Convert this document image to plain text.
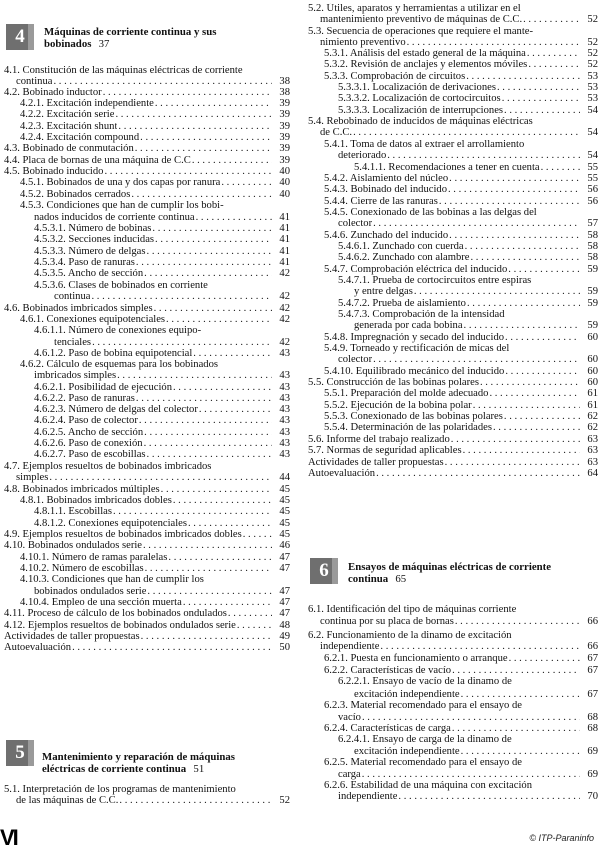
4	Máquinas de corriente continua y sus
bobinados 37
4.1. Constitución de las máquinas eléctricas de corriente
continua . . .	38
4.2. Bobinado inductor . . .	38
4.2.1. Excitación independiente . . .	39
4.2.2. Excitación serie . . .	39
4.2.3. Excitación shunt . . .	39
4.2.4. Excitación compound . . .	39
4.3. Bobinado de conmutación . . .	39
4.4. Placa de bornas de una máquina de C.C . . .	39
4.5. Bobinado inducido . . .	40
4.5.1. Bobinados de una y dos capas por ranura . . .	40
4.5.2. Bobinados cerrados . . .	40
4.5.3. Condiciones que han de cumplir los bobi-
nados inducidos de corriente continua . . .	41
4.5.3.1. Número de bobinas . . .	41
4.5.3.2. Secciones inducidas . . .	41
4.5.3.3. Número de delgas . . .	41
4.5.3.4. Paso de ranuras . . .	41
4.5.3.5. Ancho de sección . . .	42
4.5.3.6. Clases de bobinados en corriente
continua . . .	42
4.6. Bobinados imbricados simples . . .	42
4.6.1. Conexiones equipotenciales . . .	42
4.6.1.1. Número de conexiones equipo-
tenciales . . .	42
4.6.1.2. Paso de bobina equipotencial . . .	43
4.6.2. Cálculo de esquemas para los bobinados
imbricados simples . . .	43
4.6.2.1. Posibilidad de ejecución . . .	43
4.6.2.2. Paso de ranuras . . .	43
4.6.2.3. Número de delgas del colector . . .	43
4.6.2.4. Paso de colector . . .	43
4.6.2.5. Ancho de sección . . .	43
4.6.2.6. Paso de conexión . . .	43
4.6.2.7. Paso de escobillas . . .	43
4.7. Ejemplos resueltos de bobinados imbricados
simples . . .	44
4.8. Bobinados imbricados múltiples . . .	45
4.8.1. Bobinados imbricados dobles . . .	45
4.8.1.1. Escobillas . . .	45
4.8.1.2. Conexiones equipotenciales . . .	45
4.9. Ejemplos resueltos de bobinados imbricados dobles . . .	45
4.10. Bobinados ondulados serie . . .	46
4.10.1. Número de ramas paralelas . . .	47
4.10.2. Número de escobillas . . .	47
4.10.3. Condiciones que han de cumplir los
bobinados ondulados serie . . .	47
4.10.4. Empleo de una sección muerta . . .	47
4.11. Proceso de cálculo de los bobinados ondulados . . .	47
4.12. Ejemplos resueltos de bobinados ondulados serie . . .	48
Actividades de taller propuestas . . .	49
Autoevaluación . . .	50
5.1. Interpretación de los programas de mantenimiento
de las máquinas de C.C. . . .	52
5	Mantenimiento y reparación de máquinas
eléctricas de corriente continua 51
5.2. Útiles, aparatos y herramientas a utilizar en el
mantenimiento preventivo de máquinas de C.C. . . .	52
5.3. Secuencia de operaciones que requiere el mante-
nimiento preventivo . . .	52
5.3.1. Análisis del estado general de la máquina . . .	52
5.3.2. Revisión de anclajes y elementos móviles . . .	52
5.3.3. Comprobación de circuitos . . .	53
5.3.3.1. Localización de derivaciones . . .	53
5.3.3.2. Localización de cortocircuitos . . .	53
5.3.3.3. Localización de interrupciones . . .	54
5.4. Rebobinado de inducidos de máquinas eléctricas
de C.C. . . .	54
5.4.1. Toma de datos al extraer el arrollamiento
deteriorado . . .	54
5.4.1.1. Recomendaciones a tener en cuenta . . .	55
5.4.2. Aislamiento del núcleo . . .	55
5.4.3. Bobinado del inducido . . .	56
5.4.4. Cierre de las ranuras . . .	56
5.4.5. Conexionado de las bobinas a las delgas del
colector . . .	57
5.4.6. Zunchado del inducido . . .	58
5.4.6.1. Zunchado con cuerda . . .	58
5.4.6.2. Zunchado con alambre . . .	58
5.4.7. Comprobación eléctrica del inducido . . .	59
5.4.7.1. Prueba de cortocircuitos entre espiras
y entre delgas . . .	59
5.4.7.2. Prueba de aislamiento . . .	59
5.4.7.3. Comprobación de la intensidad
generada por cada bobina . . .	59
5.4.8. Impregnación y secado del inducido . . .	60
5.4.9. Torneado y rectificación de micas del
colector . . .	60
5.4.10. Equilibrado mecánico del inducido . . .	60
5.5. Construcción de las bobinas polares . . .	60
5.5.1. Preparación del molde adecuado . . .	61
5.5.2. Ejecución de la bobina polar . . .	61
5.5.3. Conexionado de las bobinas polares . . .	62
5.5.4. Determinación de las polaridades . . .	62
5.6. Informe del trabajo realizado . . .	63
5.7. Normas de seguridad aplicables . . .	63
Actividades de taller propuestas . . .	63
Autoevaluación . . .	64
6.1. Identificación del tipo de máquinas corriente
continua por su placa de bornas . . .	66
6.2. Funcionamiento de la dinamo de excitación
independiente . . .	66
6.2.1. Puesta en funcionamiento o arranque . . .	67
6.2.2. Características de vacío . . .	67
6.2.2.1. Ensayo de vacío de la dinamo de
excitación independiente . . .	67
6.2.3. Material recomendado para el ensayo de
vacío . . .	68
6.2.4. Características de carga . . .	68
6.2.4.1. Ensayo de carga de la dinamo de
excitación independiente . . .	69
6.2.5. Material recomendado para el ensayo de
carga . . .	69
6.2.6. Estabilidad de una máquina con excitación
independiente . . .	70
6	Ensayos de máquinas eléctricas de corriente
continua 65
VI	© ITP-Paraninfo
